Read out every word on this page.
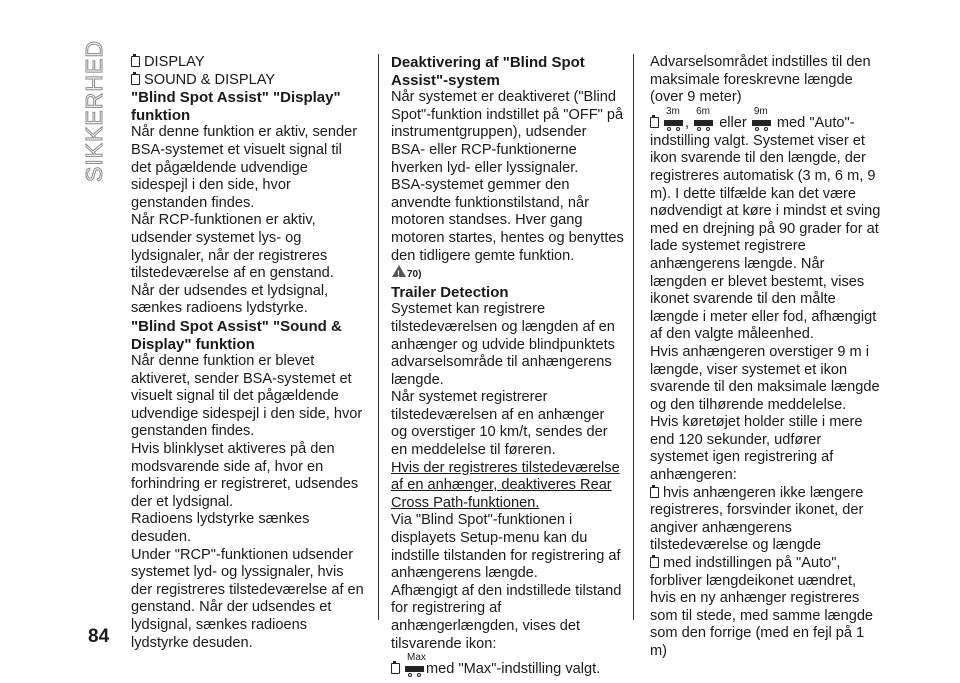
SIKKERHED	DISPLAY
SOUND & DISPLAY
"Blind Spot Assist" "Display" funktion

Når denne funktion er aktiv, sender BSA-systemet et visuelt signal til det pågældende udvendige sidespejl i den side, hvor genstanden findes.

Når RCP-funktionen er aktiv, udsender systemet lys- og lydsignaler, når der registreres tilstedeværelse af en genstand.

Når der udsendes et lydsignal, sænkes radioens lydstyrke.

"Blind Spot Assist" "Sound & Display" funktion

Når denne funktion er blevet aktiveret, sender BSA-systemet et visuelt signal til det pågældende udvendige sidespejl i den side, hvor genstanden findes.

Hvis blinklyset aktiveres på den modsvarende side af, hvor en forhindring er registreret, udsendes der et lydsignal.

Radioens lydstyrke sænkes desuden.

Under "RCP"-funktionen udsender systemet lyd- og lyssignaler, hvis der registreres tilstedeværelse af en genstand. Når der udsendes et lydsignal, sænkes radioens lydstyrke desuden.

Deaktivering af "Blind Spot Assist"-system

Når systemet er deaktiveret ("Blind Spot"-funktion indstillet på "OFF" på instrumentgruppen), udsender BSA- eller RCP-funktionerne hverken lyd- eller lyssignaler.

BSA-systemet gemmer den anvendte funktionstilstand, når motoren standses. Hver gang motoren startes, hentes og benyttes den tidligere gemte funktion.

!70)
Trailer Detection

Systemet kan registrere tilstedeværelsen og længden af en anhænger og udvide blindpunktets advarselsområde til anhængerens længde.

Når systemet registrerer tilstedeværelsen af en anhænger og overstiger 10 km/t, sendes der en meddelelse til føreren.

Hvis der registreres tilstedeværelse af en anhænger, deaktiveres Rear Cross Path-funktionen.

Via "Blind Spot"-funktionen i displayets Setup-menu kan du indstille tilstanden for registrering af anhængerens længde.

Afhængigt af den indstillede tilstand for registrering af anhængerlængden, vises det tilsvarende ikon:

Max
med "Max"-indstilling valgt.

Advarselsområdet indstilles til den maksimale foreskrevne længde (over 9 meter)

3m
,
6m
eller
9m
med "Auto"-

indstilling valgt. Systemet viser et ikon svarende til den længde, der registreres automatisk (3 m, 6 m, 9 m). I dette tilfælde kan det være nødvendigt at køre i mindst et sving med en drejning på 90 grader for at lade systemet registrere anhængerens længde. Når længden er blevet bestemt, vises ikonet svarende til den målte længde i meter eller fod, afhængigt af den valgte måleenhed.

Hvis anhængeren overstiger 9 m i længde, viser systemet et ikon svarende til den maksimale længde og den tilhørende meddelelse.

Hvis køretøjet holder stille i mere end 120 sekunder, udfører systemet igen registrering af anhængeren:

hvis anhængeren ikke længere registreres, forsvinder ikonet, der angiver anhængerens tilstedeværelse og længde
med indstillingen på "Auto", forbliver længdeikonet uændret, hvis en ny anhænger registreres som til stede, med samme længde som den forrige (med en fejl på 1 m)
84
